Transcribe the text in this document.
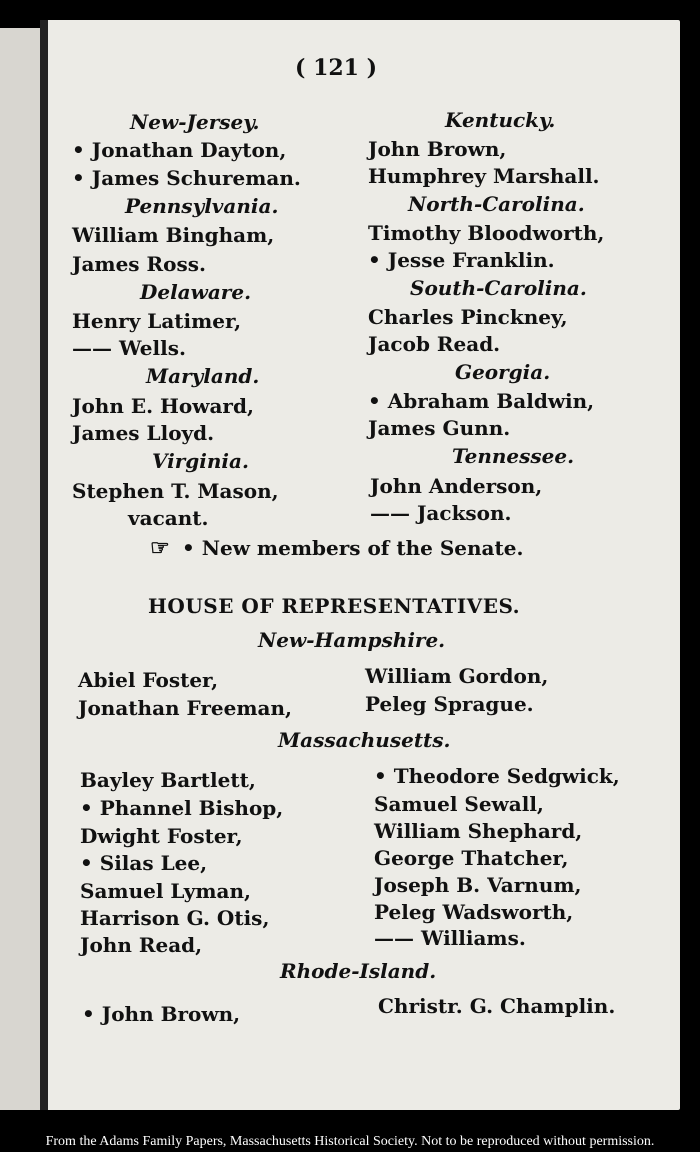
( 121 )
New-Jersey.
• Jonathan Dayton,
• James Schureman.
Pennsylvania.
William Bingham,
James Ross.
Delaware.
Henry Latimer,
—— Wells.
Maryland.
John E. Howard,
James Lloyd.
Virginia.
Stephen T. Mason,
vacant.
Kentucky.
John Brown,
Humphrey Marshall.
North-Carolina.
Timothy Bloodworth,
• Jesse Franklin.
South-Carolina.
Charles Pinckney,
Jacob Read.
Georgia.
• Abraham Baldwin,
James Gunn.
Tennessee.
John Anderson,
—— Jackson.
☞ • New members of the Senate.
HOUSE OF REPRESENTATIVES.
New-Hampshire.
Abiel Foster,
Jonathan Freeman,
William Gordon,
Peleg Sprague.
Massachusetts.
Bayley Bartlett,
• Phannel Bishop,
Dwight Foster,
• Silas Lee,
Samuel Lyman,
Harrison G. Otis,
John Read,
• Theodore Sedgwick,
Samuel Sewall,
William Shephard,
George Thatcher,
Joseph B. Varnum,
Peleg Wadsworth,
—— Williams.
Rhode-Island.
• John Brown,	Christr. G. Champlin.
From the Adams Family Papers, Massachusetts Historical Society. Not to be reproduced without permission.
